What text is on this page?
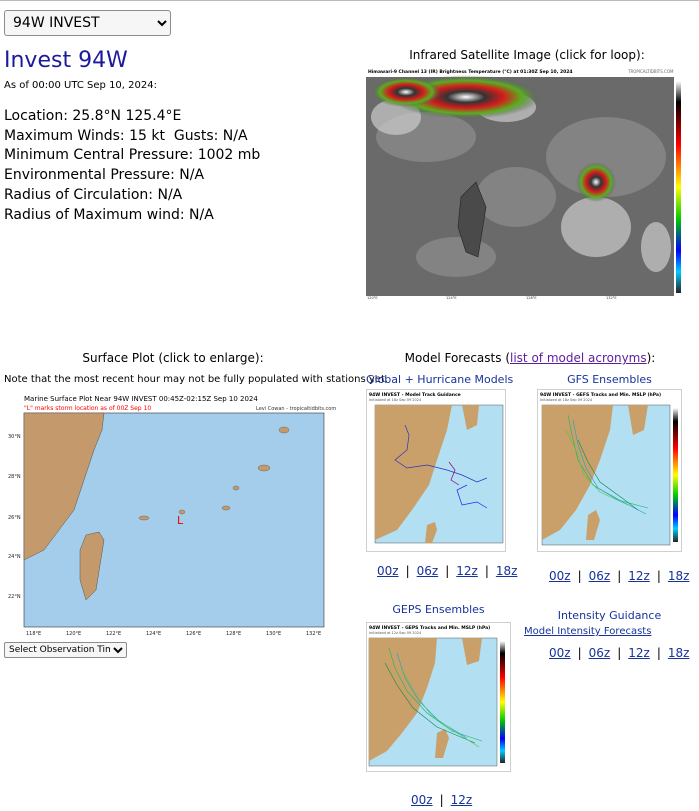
94W INVEST
Invest 94W
As of 00:00 UTC Sep 10, 2024:
Location: 25.8°N 125.4°E
Maximum Winds: 15 kt  Gusts: N/A
Minimum Central Pressure: 1002 mb
Environmental Pressure: N/A
Radius of Circulation: N/A
Radius of Maximum wind: N/A
Infrared Satellite Image (click for loop):
Himawari-9 Channel 13 (IR) Brightness Temperature (°C) at 01:30Z Sep 10, 2024	TROPICALTIDBITS.COM
120°E	124°E	128°E	132°E
Surface Plot (click to enlarge):
Note that the most recent hour may not be fully populated with stations yet.
Marine Surface Plot Near 94W INVEST 00:45Z-02:15Z Sep 10 2024
"L" marks storm location as of 00Z Sep 10	Levi Cowan - tropicaltidbits.com
L
30°N
28°N
26°N
24°N
22°N
118°E	120°E	122°E	124°E	126°E	128°E	130°E	132°E
Select Observation Time...
Model Forecasts (list of model acronyms):
Global + Hurricane Models	GFS Ensembles
94W INVEST - Model Track Guidance
Initialized at 18z Sep 09 2024
94W INVEST - GEFS Tracks and Min. MSLP (hPa)
Initialized at 18z Sep 09 2024
00z | 06z | 12z | 18z	00z | 06z | 12z | 18z
GEPS Ensembles	Intensity Guidance
Model Intensity Forecasts
00z | 06z | 12z | 18z
94W INVEST - GEPS Tracks and Min. MSLP (hPa)
Initialized at 12z Sep 09 2024
00z | 12z
